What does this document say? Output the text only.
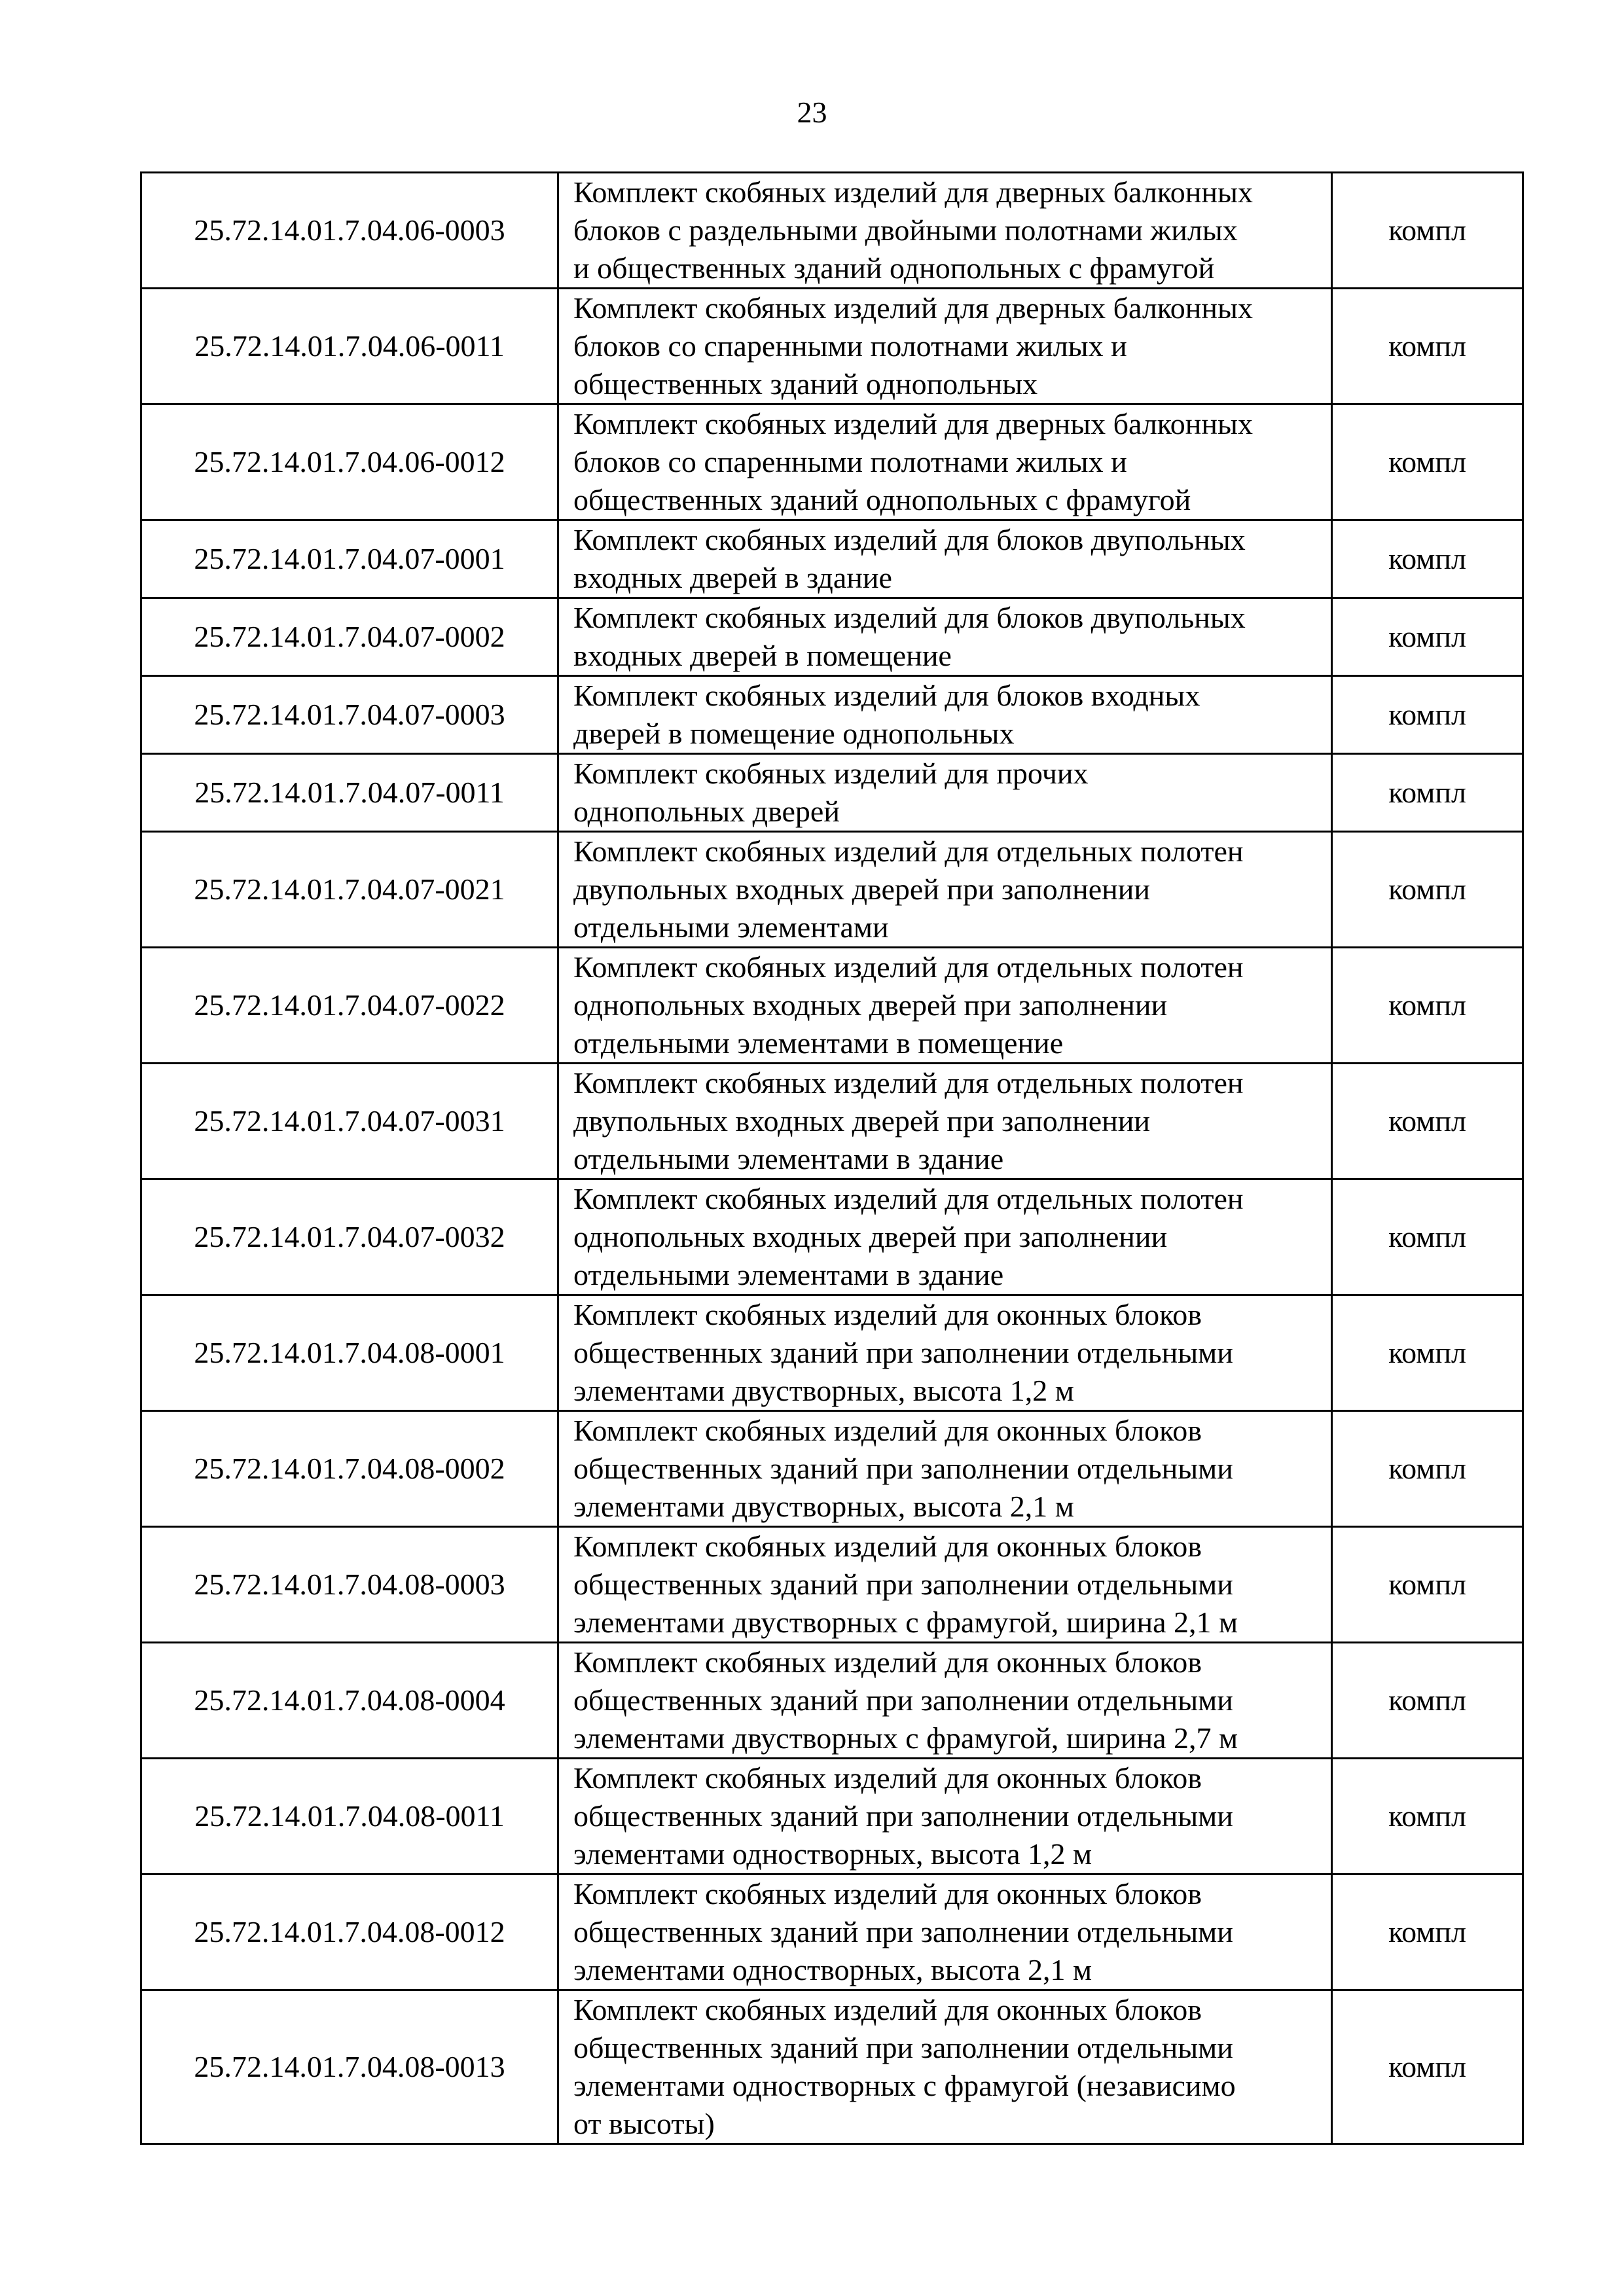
23
25.72.14.01.7.04.06-0003	Комплект скобяных изделий для дверных балконных
блоков с раздельными двойными полотнами жилых
и общественных зданий однопольных с фрамугой	компл
25.72.14.01.7.04.06-0011	Комплект скобяных изделий для дверных балконных
блоков со спаренными полотнами жилых и
общественных зданий однопольных	компл
25.72.14.01.7.04.06-0012	Комплект скобяных изделий для дверных балконных
блоков со спаренными полотнами жилых и
общественных зданий однопольных с фрамугой	компл
25.72.14.01.7.04.07-0001	Комплект скобяных изделий для блоков двупольных
входных дверей в здание	компл
25.72.14.01.7.04.07-0002	Комплект скобяных изделий для блоков двупольных
входных дверей в помещение	компл
25.72.14.01.7.04.07-0003	Комплект скобяных изделий для блоков входных
дверей в помещение однопольных	компл
25.72.14.01.7.04.07-0011	Комплект скобяных изделий для прочих
однопольных дверей	компл
25.72.14.01.7.04.07-0021	Комплект скобяных изделий для отдельных полотен
двупольных входных дверей при заполнении
отдельными элементами	компл
25.72.14.01.7.04.07-0022	Комплект скобяных изделий для отдельных полотен
однопольных входных дверей при заполнении
отдельными элементами в помещение	компл
25.72.14.01.7.04.07-0031	Комплект скобяных изделий для отдельных полотен
двупольных входных дверей при заполнении
отдельными элементами в здание	компл
25.72.14.01.7.04.07-0032	Комплект скобяных изделий для отдельных полотен
однопольных входных дверей при заполнении
отдельными элементами в здание	компл
25.72.14.01.7.04.08-0001	Комплект скобяных изделий для оконных блоков
общественных зданий при заполнении отдельными
элементами двустворных, высота 1,2 м	компл
25.72.14.01.7.04.08-0002	Комплект скобяных изделий для оконных блоков
общественных зданий при заполнении отдельными
элементами двустворных, высота 2,1 м	компл
25.72.14.01.7.04.08-0003	Комплект скобяных изделий для оконных блоков
общественных зданий при заполнении отдельными
элементами двустворных с фрамугой, ширина 2,1 м	компл
25.72.14.01.7.04.08-0004	Комплект скобяных изделий для оконных блоков
общественных зданий при заполнении отдельными
элементами двустворных с фрамугой, ширина 2,7 м	компл
25.72.14.01.7.04.08-0011	Комплект скобяных изделий для оконных блоков
общественных зданий при заполнении отдельными
элементами одностворных, высота 1,2 м	компл
25.72.14.01.7.04.08-0012	Комплект скобяных изделий для оконных блоков
общественных зданий при заполнении отдельными
элементами одностворных, высота 2,1 м	компл
25.72.14.01.7.04.08-0013	Комплект скобяных изделий для оконных блоков
общественных зданий при заполнении отдельными
элементами одностворных с фрамугой (независимо
от высоты)	компл
